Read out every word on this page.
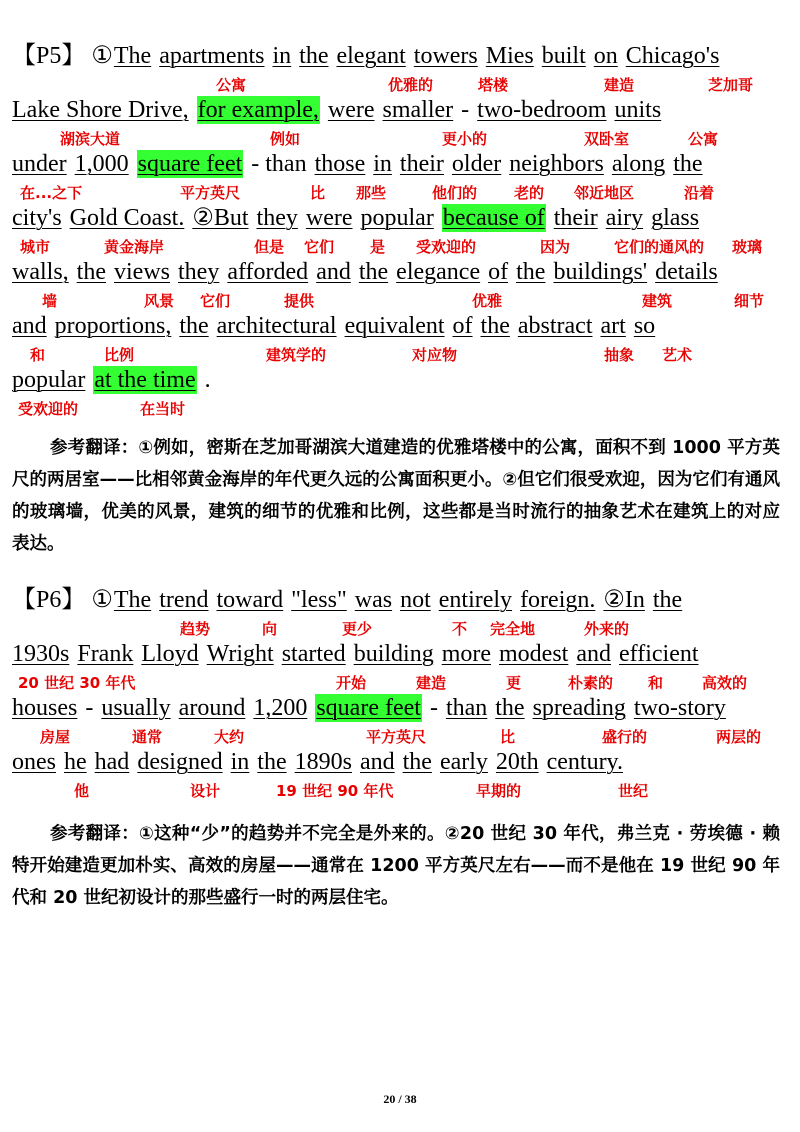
【P5】 ①The apartments in the elegant towers Mies built on Chicago's
公寓	优雅的	塔楼	建造	芝加哥
Lake Shore Drive, for example, were smaller - two-bedroom units
湖滨大道	例如	更小的	双卧室	公寓
under 1,000 square feet - than those in their older neighbors along the
在...之下	平方英尺	比 那些	他们的 老的 邻近地区	沿着
city's Gold Coast. ②But they were popular because of their airy glass
城市	黄金海岸	但是 它们 是 受欢迎的	因为	它们的通风的 玻璃
walls, the views they afforded and the elegance of the buildings' details
墙	风景 它们	提供	优雅	建筑	细节
and proportions, the architectural equivalent of the abstract art so
和	比例	建筑学的	对应物	抽象 艺术
popular at the time .
受欢迎的	在当时
参考翻译：①例如，密斯在芝加哥湖滨大道建造的优雅塔楼中的公寓，面积不到 1000 平方英尺的两居室——比相邻黄金海岸的年代更久远的公寓面积更小。②但它们很受欢迎，因为它们有通风的玻璃墙，优美的风景，建筑的细节的优雅和比例，这些都是当时流行的抽象艺术在建筑上的对应表达。
【P6】 ①The trend toward "less" was not entirely foreign. ②In the
趋势	向	更少	不 完全地	外来的
1930s Frank Lloyd Wright started building more modest and efficient
20 世纪 30 年代	开始	建造	更	朴素的 和	高效的
houses - usually around 1,200 square feet - than the spreading two-story
房屋	通常	大约	平方英尺	比	盛行的	两层的
ones he had designed in the 1890s and the early 20th century.
他	设计	19 世纪 90 年代	早期的	世纪
参考翻译：①这种“少”的趋势并不完全是外来的。②20 世纪 30 年代，弗兰克 · 劳埃德 · 赖特开始建造更加朴实、高效的房屋——通常在 1200 平方英尺左右——而不是他在 19 世纪 90 年代和 20 世纪初设计的那些盛行一时的两层住宅。
20 / 38
